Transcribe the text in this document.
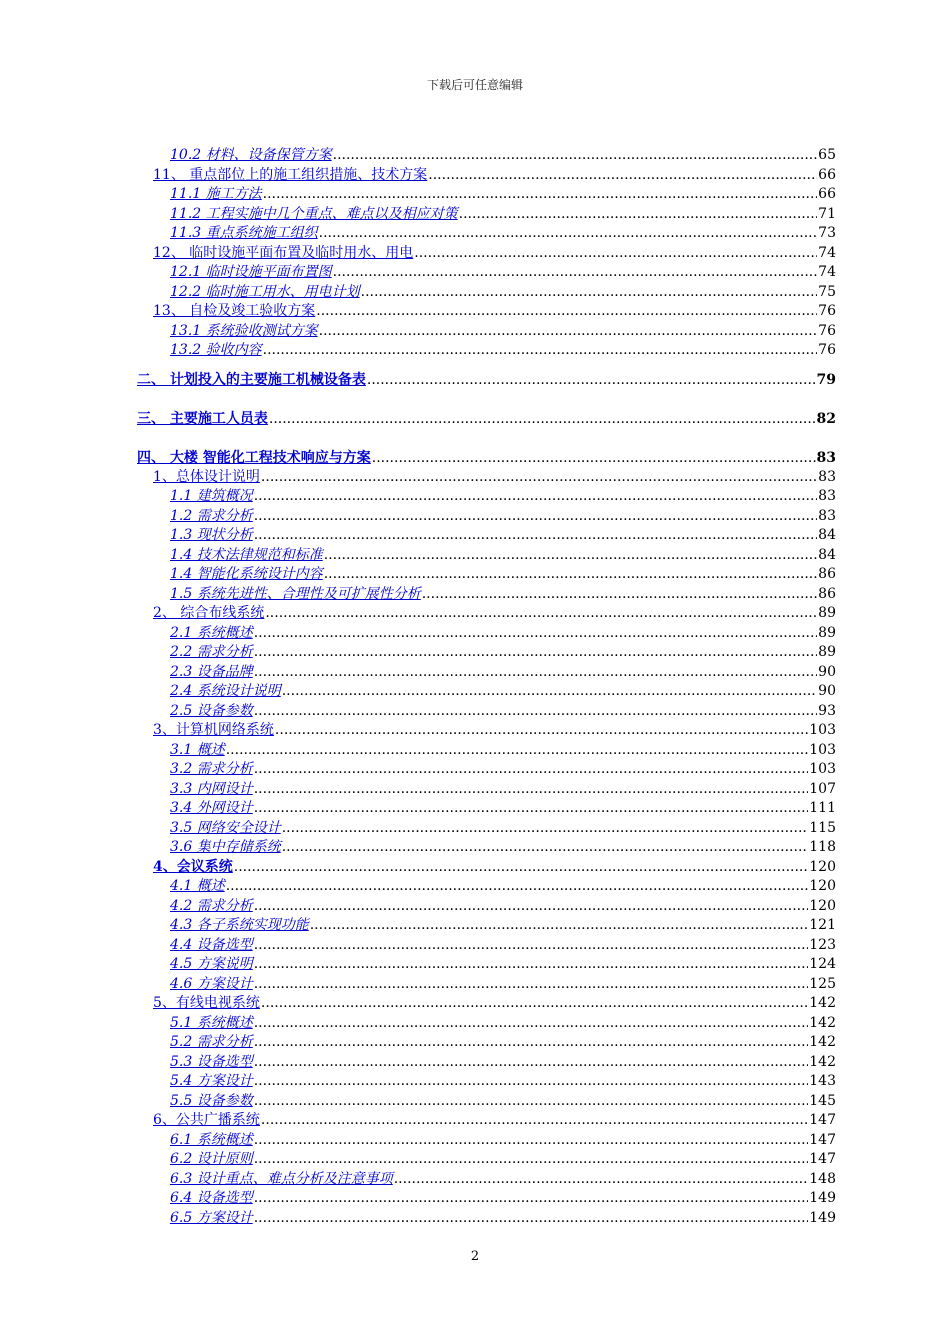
下载后可任意编辑
10.2 材料、设备保管方案 .....	65
11、 重点部位上的施工组织措施、技术方案 .....	66
11.1 施工方法 .....	66
11.2 工程实施中几个重点、难点以及相应对策 .....	71
11.3 重点系统施工组织 .....	73
12、 临时设施平面布置及临时用水、用电 .....	74
12.1 临时设施平面布置图 .....	74
12.2 临时施工用水、用电计划 .....	75
13、 自检及竣工验收方案 .....	76
13.1 系统验收测试方案 .....	76
13.2 验收内容 .....	76
二、 计划投入的主要施工机械设备表 .....	79
三、 主要施工人员表 .....	82
四、 大楼 智能化工程技术响应与方案 .....	83
1、总体设计说明 .....	83
1.1 建筑概况 .....	83
1.2 需求分析 .....	83
1.3 现状分析 .....	84
1.4 技术法律规范和标准 .....	84
1.4 智能化系统设计内容 .....	86
1.5 系统先进性、合理性及可扩展性分析 .....	86
2、 综合布线系统 .....	89
2.1 系统概述 .....	89
2.2 需求分析 .....	89
2.3 设备品牌 .....	90
2.4 系统设计说明 .....	90
2.5 设备参数 .....	93
3、计算机网络系统 .....	103
3.1 概述 .....	103
3.2 需求分析 .....	103
3.3 内网设计 .....	107
3.4 外网设计 .....	111
3.5 网络安全设计 .....	115
3.6 集中存储系统 .....	118
4、会议系统 .....	120
4.1 概述 .....	120
4.2 需求分析 .....	120
4.3 各子系统实现功能 .....	121
4.4 设备选型 .....	123
4.5 方案说明 .....	124
4.6 方案设计 .....	125
5、有线电视系统 .....	142
5.1 系统概述 .....	142
5.2 需求分析 .....	142
5.3 设备选型 .....	142
5.4 方案设计 .....	143
5.5 设备参数 .....	145
6、公共广播系统 .....	147
6.1 系统概述 .....	147
6.2 设计原则 .....	147
6.3 设计重点、难点分析及注意事项 .....	148
6.4 设备选型 .....	149
6.5 方案设计 .....	149
2
